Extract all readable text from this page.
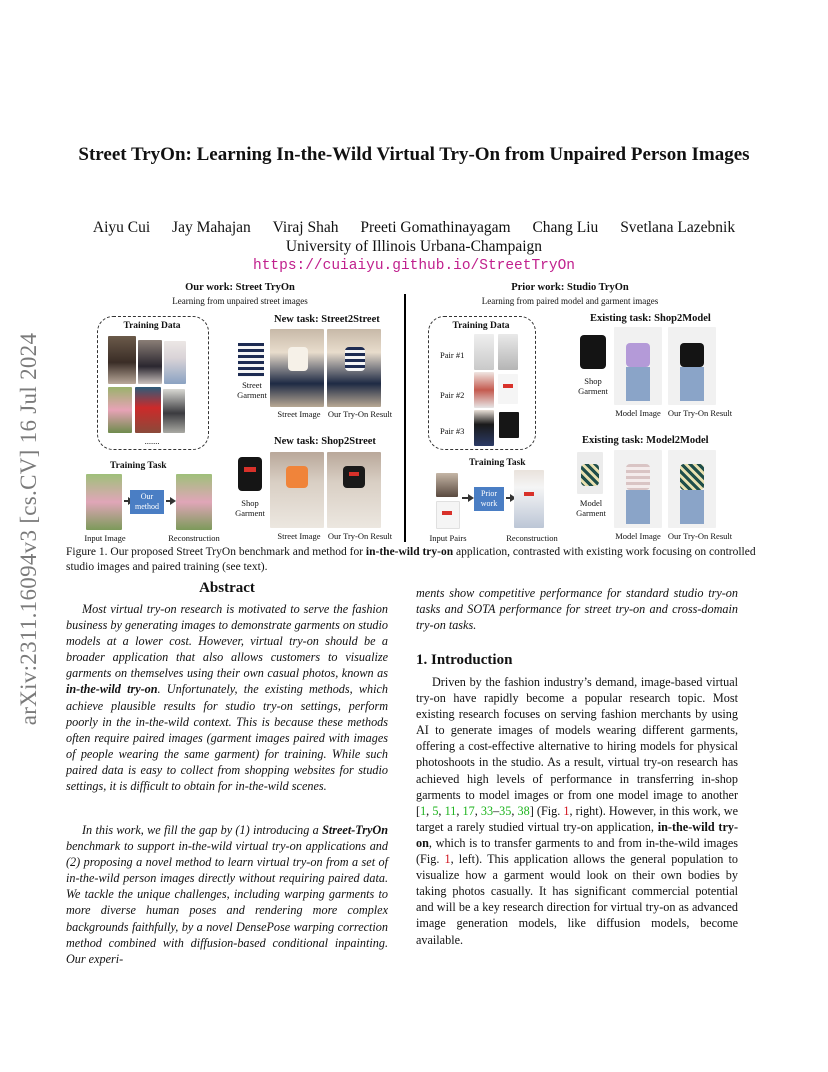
arXiv:2311.16094v3 [cs.CV] 16 Jul 2024
Street TryOn: Learning In-the-Wild Virtual Try-On from Unpaired Person Images
Aiyu Cui Jay Mahajan Viraj Shah Preeti Gomathinayagam Chang Liu Svetlana Lazebnik
University of Illinois Urbana-Champaign
https://cuiaiyu.github.io/StreetTryOn
Our work: Street TryOn
Learning from unpaired street images
Training Data
.......
New task: Street2Street
Street Garment
Street Image Our Try-On Result
New task: Shop2Street
Shop Garment
Street Image Our Try-On Result
Training Task
Our method
Input Image	Reconstruction
Prior work: Studio TryOn
Learning from paired model and garment images
Training Data
Pair #1
Pair #2
Pair #3
Existing task: Shop2Model
Shop Garment
Model Image Our Try-On Result
Existing task: Model2Model
Model Garment
Model Image Our Try-On Result
Training Task
Prior work
Input Pairs	Reconstruction
Figure 1. Our proposed Street TryOn benchmark and method for in-the-wild try-on application, contrasted with existing work focusing on controlled studio images and paired training (see text).
Abstract
Most virtual try-on research is motivated to serve the fashion business by generating images to demonstrate garments on studio models at a lower cost. However, virtual try-on should be a broader application that also allows customers to visualize garments on themselves using their own casual photos, known as in-the-wild try-on. Unfortunately, the existing methods, which achieve plausible results for studio try-on settings, perform poorly in the in-the-wild context. This is because these methods often require paired images (garment images paired with images of people wearing the same garment) for training. While such paired data is easy to collect from shopping websites for studio settings, it is difficult to obtain for in-the-wild scenes.
In this work, we fill the gap by (1) introducing a Street-TryOn benchmark to support in-the-wild virtual try-on applications and (2) proposing a novel method to learn virtual try-on from a set of in-the-wild person images directly without requiring paired data. We tackle the unique challenges, including warping garments to more diverse human poses and rendering more complex backgrounds faithfully, by a novel DensePose warping correction method combined with diffusion-based conditional inpainting. Our experi-
ments show competitive performance for standard studio try-on tasks and SOTA performance for street try-on and cross-domain try-on tasks.
1. Introduction
Driven by the fashion industry’s demand, image-based virtual try-on have rapidly become a popular research topic. Most existing research focuses on serving fashion merchants by using AI to generate images of models wearing different garments, offering a cost-effective alternative to hiring models for physical photoshoots in the studio. As a result, virtual try-on research has achieved high levels of performance in transferring in-shop garments to model images or from one model image to another [1, 5, 11, 17, 33–35, 38] (Fig. 1, right). However, in this work, we target a rarely studied virtual try-on application, in-the-wild try-on, which is to transfer garments to and from in-the-wild images (Fig. 1, left). This application allows the general population to visualize how a garment would look on their own bodies by taking photos casually. It has significant commercial potential and will be a key research direction for virtual try-on as advanced image generation models, like diffusion models, become available.
